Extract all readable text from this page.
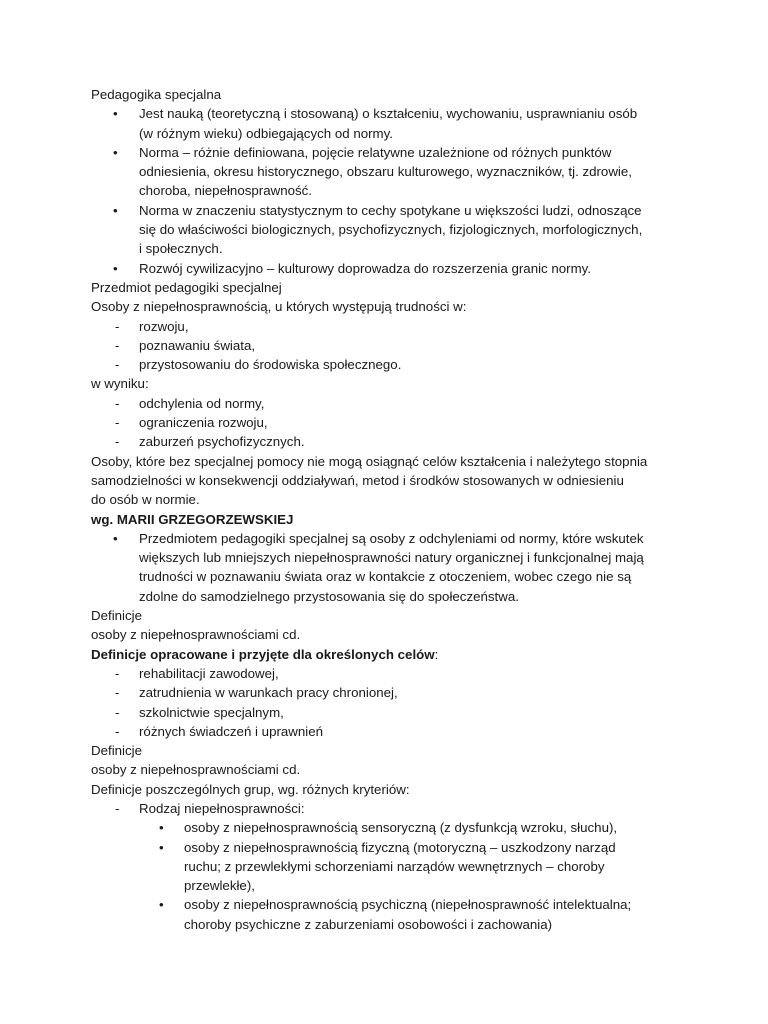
Pedagogika specjalna

• Jest nauką (teoretyczną i stosowaną) o kształceniu, wychowaniu, usprawnianiu osób
(w różnym wieku) odbiegających od normy.
• Norma – różnie definiowana, pojęcie relatywne uzależnione od różnych punktów
odniesienia, okresu historycznego, obszaru kulturowego, wyznaczników, tj. zdrowie,
choroba, niepełnosprawność.
• Norma w znaczeniu statystycznym to cechy spotykane u większości ludzi, odnoszące
się do właściwości biologicznych, psychofizycznych, fizjologicznych, morfologicznych,
i społecznych.
• Rozwój cywilizacyjno – kulturowy doprowadza do rozszerzenia granic normy.

Przedmiot pedagogiki specjalnej

Osoby z niepełnosprawnością, u których występują trudności w:

- rozwoju,
- poznawaniu świata,
- przystosowaniu do środowiska społecznego.

w wyniku:

- odchylenia od normy,
- ograniczenia rozwoju,
- zaburzeń psychofizycznych.

Osoby, które bez specjalnej pomocy nie mogą osiągnąć celów kształcenia i należytego stopnia

samodzielności w konsekwencji oddziaływań, metod i środków stosowanych w odniesieniu

do osób w normie.

wg. MARII GRZEGORZEWSKIEJ

• Przedmiotem pedagogiki specjalnej są osoby z odchyleniami od normy, które wskutek
większych lub mniejszych niepełnosprawności natury organicznej i funkcjonalnej mają
trudności w poznawaniu świata oraz w kontakcie z otoczeniem, wobec czego nie są
zdolne do samodzielnego przystosowania się do społeczeństwa.

Definicje

osoby z niepełnosprawnościami cd.

Definicje opracowane i przyjęte dla określonych celów:

- rehabilitacji zawodowej,
- zatrudnienia w warunkach pracy chronionej,
- szkolnictwie specjalnym,
- różnych świadczeń i uprawnień

Definicje

osoby z niepełnosprawnościami cd.

Definicje poszczególnych grup, wg. różnych kryteriów:

- Rodzaj niepełnosprawności:
• osoby z niepełnosprawnością sensoryczną (z dysfunkcją wzroku, słuchu),
• osoby z niepełnosprawnością fizyczną (motoryczną – uszkodzony narząd
ruchu; z przewlekłymi schorzeniami narządów wewnętrznych – choroby
przewlekłe),
• osoby z niepełnosprawnością psychiczną (niepełnosprawność intelektualna;
choroby psychiczne z zaburzeniami osobowości i zachowania)
